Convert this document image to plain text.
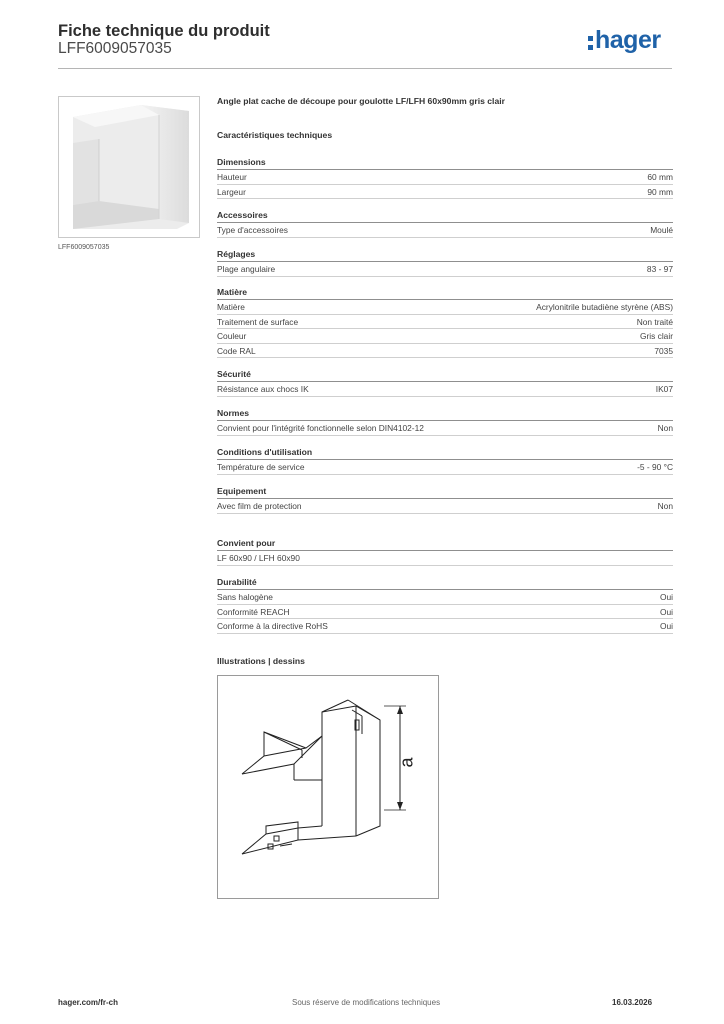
Fiche technique du produit
LFF6009057035	hager
LFF6009057035
Angle plat cache de découpe pour goulotte LF/LFH 60x90mm gris clair
Caractéristiques techniques
Dimensions
Hauteur	60 mm
Largeur	90 mm
Accessoires
Type d'accessoires	Moulé
Réglages
Plage angulaire	83 - 97
Matière
Matière	Acrylonitrile butadiène styrène (ABS)
Traitement de surface	Non traité
Couleur	Gris clair
Code RAL	7035
Sécurité
Résistance aux chocs IK	IK07
Normes
Convient pour l'intégrité fonctionnelle selon DIN4102-12	Non
Conditions d'utilisation
Température de service	-5 - 90 °C
Equipement
Avec film de protection	Non
Convient pour
LF 60x90 / LFH 60x90
Durabilité
Sans halogène	Oui
Conformité REACH	Oui
Conforme à la directive RoHS	Oui
Illustrations | dessins
a
hager.com/fr-ch	Sous réserve de modifications techniques	16.03.2026
